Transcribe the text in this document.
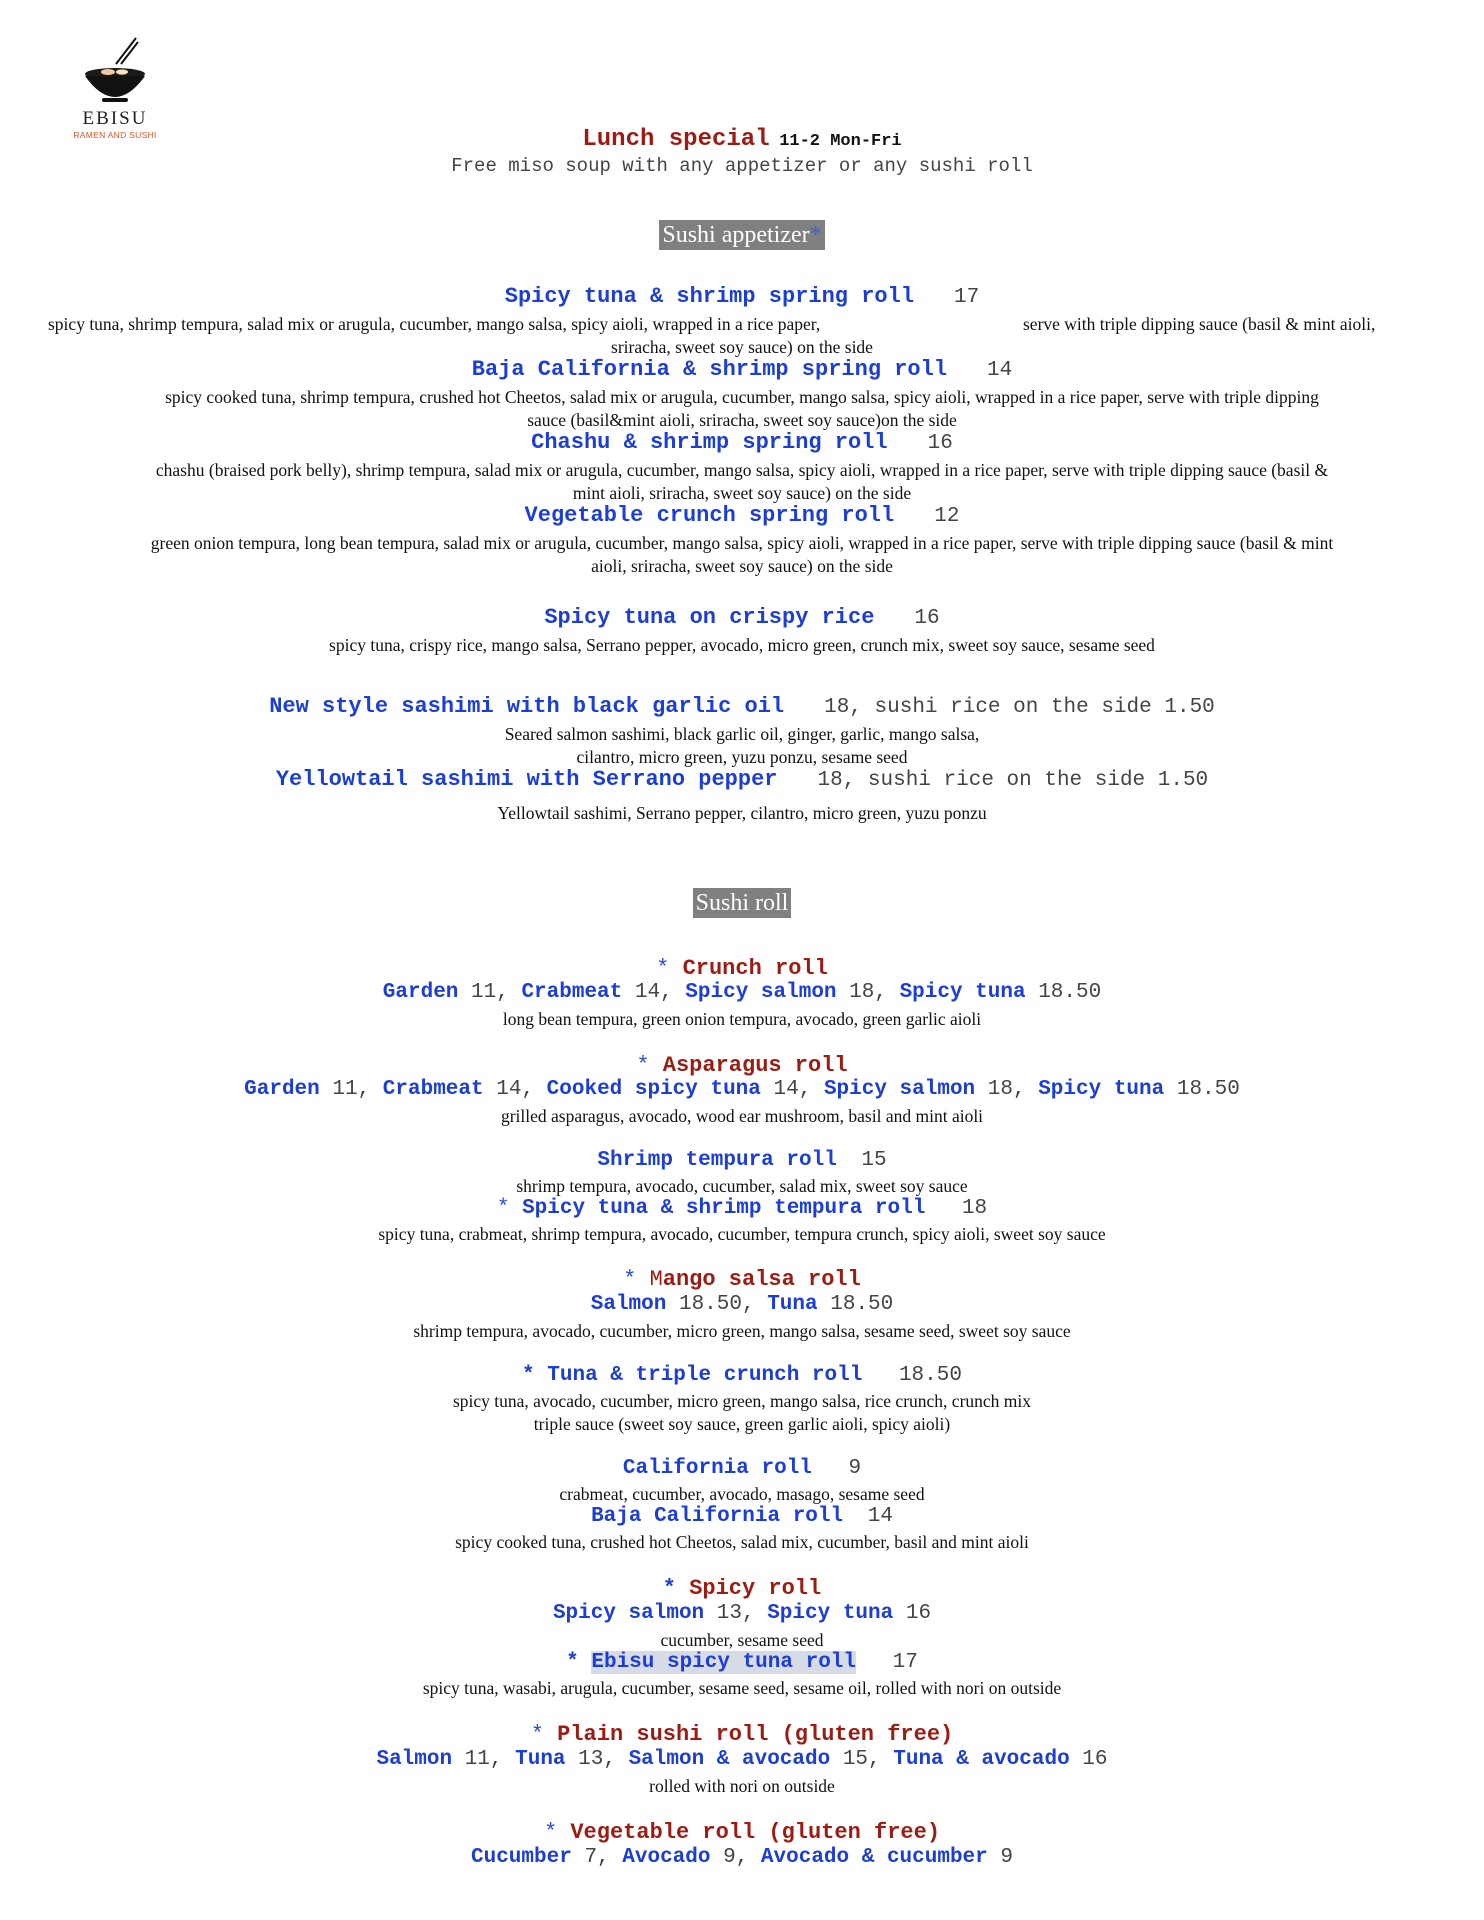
EBISU
RAMEN AND SUSHI	Lunch special 11-2 Mon-Fri
Free miso soup with any appetizer or any sushi roll
Sushi appetizer*
Spicy tuna & shrimp spring roll 17
spicy tuna, shrimp tempura, salad mix or arugula, cucumber, mango salsa, spicy aioli, wrapped in a rice paper,	serve with triple dipping sauce (basil & mint aioli,
sriracha, sweet soy sauce) on the side
Baja California & shrimp spring roll 14
spicy cooked tuna, shrimp tempura, crushed hot Cheetos, salad mix or arugula, cucumber, mango salsa, spicy aioli, wrapped in a rice paper, serve with triple dipping
sauce (basil&mint aioli, sriracha, sweet soy sauce)on the side
Chashu & shrimp spring roll 16
chashu (braised pork belly), shrimp tempura, salad mix or arugula, cucumber, mango salsa, spicy aioli, wrapped in a rice paper, serve with triple dipping sauce (basil &
mint aioli, sriracha, sweet soy sauce) on the side
Vegetable crunch spring roll 12
green onion tempura, long bean tempura, salad mix or arugula, cucumber, mango salsa, spicy aioli, wrapped in a rice paper, serve with triple dipping sauce (basil & mint
aioli, sriracha, sweet soy sauce) on the side
Spicy tuna on crispy rice 16
spicy tuna, crispy rice, mango salsa, Serrano pepper, avocado, micro green, crunch mix, sweet soy sauce, sesame seed
New style sashimi with black garlic oil 18, sushi rice on the side 1.50
Seared salmon sashimi, black garlic oil, ginger, garlic, mango salsa,
cilantro, micro green, yuzu ponzu, sesame seed
Yellowtail sashimi with Serrano pepper 18, sushi rice on the side 1.50
Yellowtail sashimi, Serrano pepper, cilantro, micro green, yuzu ponzu
Sushi roll
* Crunch roll
Garden 11, Crabmeat 14, Spicy salmon 18, Spicy tuna 18.50
long bean tempura, green onion tempura, avocado, green garlic aioli
* Asparagus roll
Garden 11, Crabmeat 14, Cooked spicy tuna 14, Spicy salmon 18, Spicy tuna 18.50
grilled asparagus, avocado, wood ear mushroom, basil and mint aioli
Shrimp tempura roll 15
shrimp tempura, avocado, cucumber, salad mix, sweet soy sauce
* Spicy tuna & shrimp tempura roll 18
spicy tuna, crabmeat, shrimp tempura, avocado, cucumber, tempura crunch, spicy aioli, sweet soy sauce
* Mango salsa roll
Salmon 18.50, Tuna 18.50
shrimp tempura, avocado, cucumber, micro green, mango salsa, sesame seed, sweet soy sauce
* Tuna & triple crunch roll 18.50
spicy tuna, avocado, cucumber, micro green, mango salsa, rice crunch, crunch mix
triple sauce (sweet soy sauce, green garlic aioli, spicy aioli)
California roll 9
crabmeat, cucumber, avocado, masago, sesame seed
Baja California roll 14
spicy cooked tuna, crushed hot Cheetos, salad mix, cucumber, basil and mint aioli
* Spicy roll
Spicy salmon 13, Spicy tuna 16
cucumber, sesame seed
* Ebisu spicy tuna roll 17
spicy tuna, wasabi, arugula, cucumber, sesame seed, sesame oil, rolled with nori on outside
* Plain sushi roll (gluten free)
Salmon 11, Tuna 13, Salmon & avocado 15, Tuna & avocado 16
rolled with nori on outside
* Vegetable roll (gluten free)
Cucumber 7, Avocado 9, Avocado & cucumber 9
